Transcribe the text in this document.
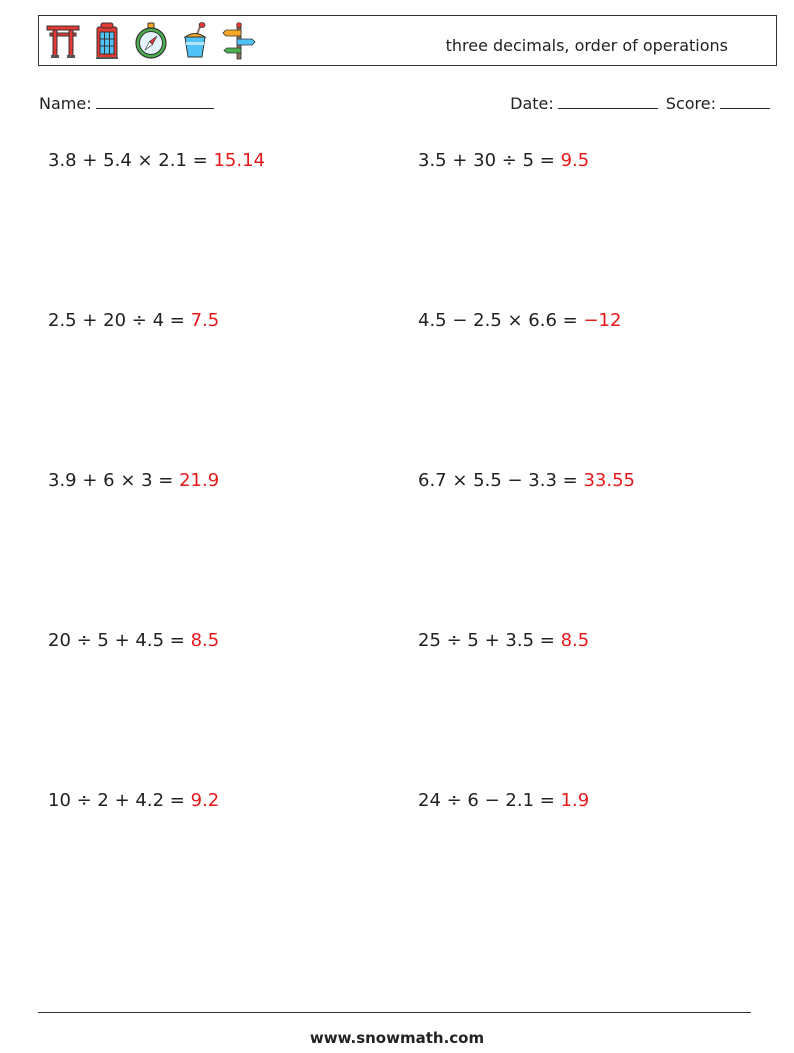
three decimals, order of operations
Name:	Date:	Score:
3.8 + 5.4 × 2.1 = 15.14	3.5 + 30 ÷ 5 = 9.5
2.5 + 20 ÷ 4 = 7.5	4.5 − 2.5 × 6.6 = −12
3.9 + 6 × 3 = 21.9	6.7 × 5.5 − 3.3 = 33.55
20 ÷ 5 + 4.5 = 8.5	25 ÷ 5 + 3.5 = 8.5
10 ÷ 2 + 4.2 = 9.2	24 ÷ 6 − 2.1 = 1.9
www.snowmath.com
